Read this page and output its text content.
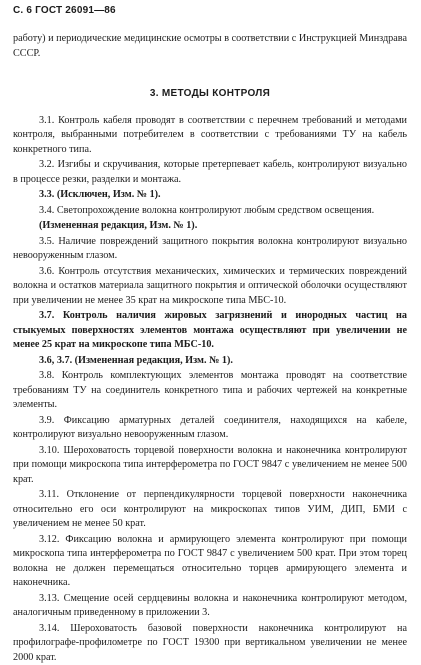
С. 6 ГОСТ 26091—86

работу) и периодические медицинские осмотры в соответствии с Инструкцией Минздрава СССР.

3. МЕТОДЫ КОНТРОЛЯ

3.1. Контроль кабеля проводят в соответствии с перечнем требований и методами контроля, выбранными потребителем в соответствии с требованиями ТУ на кабель конкретного типа.

3.2. Изгибы и скручивания, которые претерпевает кабель, контролируют визуально в процессе резки, разделки и монтажа.

3.3. (Исключен, Изм. № 1).

3.4. Светопрохождение волокна контролируют любым средством освещения.

(Измененная редакция, Изм. № 1).

3.5. Наличие повреждений защитного покрытия волокна контролируют визуально невооруженным глазом.

3.6. Контроль отсутствия механических, химических и термических повреждений волокна и остатков материала защитного покрытия и оптической оболочки осуществляют при увеличении не менее 35 крат на микроскопе типа МБС-10.

3.7. Контроль наличия жировых загрязнений и инородных частиц на стыкуемых поверхностях элементов монтажа осуществляют при увеличении не менее 25 крат на микроскопе типа МБС-10.

3.6, 3.7. (Измененная редакция, Изм. № 1).

3.8. Контроль комплектующих элементов монтажа проводят на соответствие требованиям ТУ на соединитель конкретного типа и рабочих чертежей на конкретные элементы.

3.9. Фиксацию арматурных деталей соединителя, находящихся на кабеле, контролируют визуально невооруженным глазом.

3.10. Шероховатость торцевой поверхности волокна и наконечника контролируют при помощи микроскопа типа интерферометра по ГОСТ 9847 с увеличением не менее 500 крат.

3.11. Отклонение от перпендикулярности торцевой поверхности наконечника относительно его оси контролируют на микроскопах типов УИМ, ДИП, БМИ с увеличением не менее 50 крат.

3.12. Фиксацию волокна и армирующего элемента контролируют при помощи микроскопа типа интерферометра по ГОСТ 9847 с увеличением 500 крат. При этом торец волокна не должен перемещаться относительно торцев армирующего элемента и наконечника.

3.13. Смещение осей сердцевины волокна и наконечника контролируют методом, аналогичным приведенному в приложении 3.

3.14. Шероховатость базовой поверхности наконечника контролируют на профилографе-профилометре по ГОСТ 19300 при вертикальном увеличении не менее 2000 крат.
